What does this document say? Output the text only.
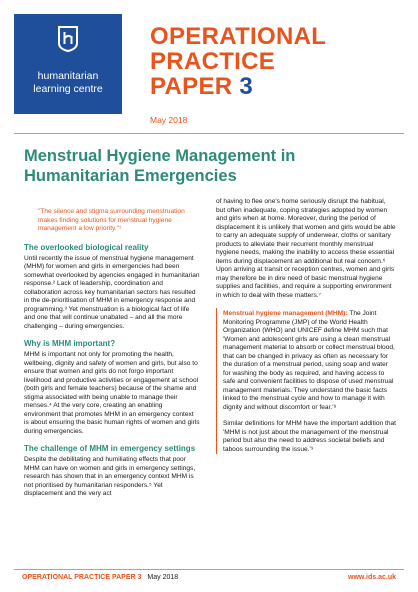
humanitarian
learning centre
OPERATIONAL
PRACTICE
PAPER 3
May 2018
Menstrual Hygiene Management in Humanitarian Emergencies
"The silence and stigma surrounding menstruation makes finding solutions for menstrual hygiene management a low priority."¹
The overlooked biological reality
Until recently the issue of menstrual hygiene management (MHM) for women and girls in emergencies had been somewhat overlooked by agencies engaged in humanitarian response.² Lack of leadership, coordination and collaboration across key humanitarian sectors has resulted in the de-prioritisation of MHM in emergency response and programming.³ Yet menstruation is a biological fact of life and one that will continue unabated – and all the more challenging – during emergencies.
Why is MHM important?
MHM is important not only for promoting the health, wellbeing, dignity and safety of women and girls, but also to ensure that women and girls do not forgo important livelihood and productive activities or engagement at school (both girls and female teachers) because of the shame and stigma associated with being unable to manage their menses.⁴ At the very core, creating an enabling environment that promotes MHM in an emergency context is about ensuring the basic human rights of women and girls during emergencies.
The challenge of MHM in emergency settings
Despite the debilitating and humiliating effects that poor MHM can have on women and girls in emergency settings, research has shown that in an emergency context MHM is not prioritised by humanitarian responders.⁵ Yet displacement and the very act
of having to flee one's home seriously disrupt the habitual, but often inadequate, coping strategies adopted by women and girls when at home. Moreover, during the period of displacement it is unlikely that women and girls would be able to carry an adequate supply of underwear, cloths or sanitary products to alleviate their recurrent monthly menstrual hygiene needs, making the inability to access these essential items during displacement an additional but real concern.⁶ Upon arriving at transit or reception centres, women and girls may therefore be in dire need of basic menstrual hygiene supplies and facilities, and require a supporting environment in which to deal with these matters.⁷

Menstrual hygiene management (MHM): The Joint Monitoring Programme (JMP) of the World Health Organization (WHO) and UNICEF define MHM such that 'Women and adolescent girls are using a clean menstrual management material to absorb or collect menstrual blood, that can be changed in privacy as often as necessary for the duration of a menstrual period, using soap and water for washing the body as required, and having access to safe and convenient facilities to dispose of used menstrual management materials. They understand the basic facts linked to the menstrual cycle and how to manage it with dignity and without discomfort or fear.'⁸

Similar definitions for MHM have the important addition that 'MHM is not just about the management of the menstrual period but also the need to address societal beliefs and taboos surrounding the issue.'⁹

OPERATIONAL PRACTICE PAPER 3 May 2018	www.ids.ac.uk
